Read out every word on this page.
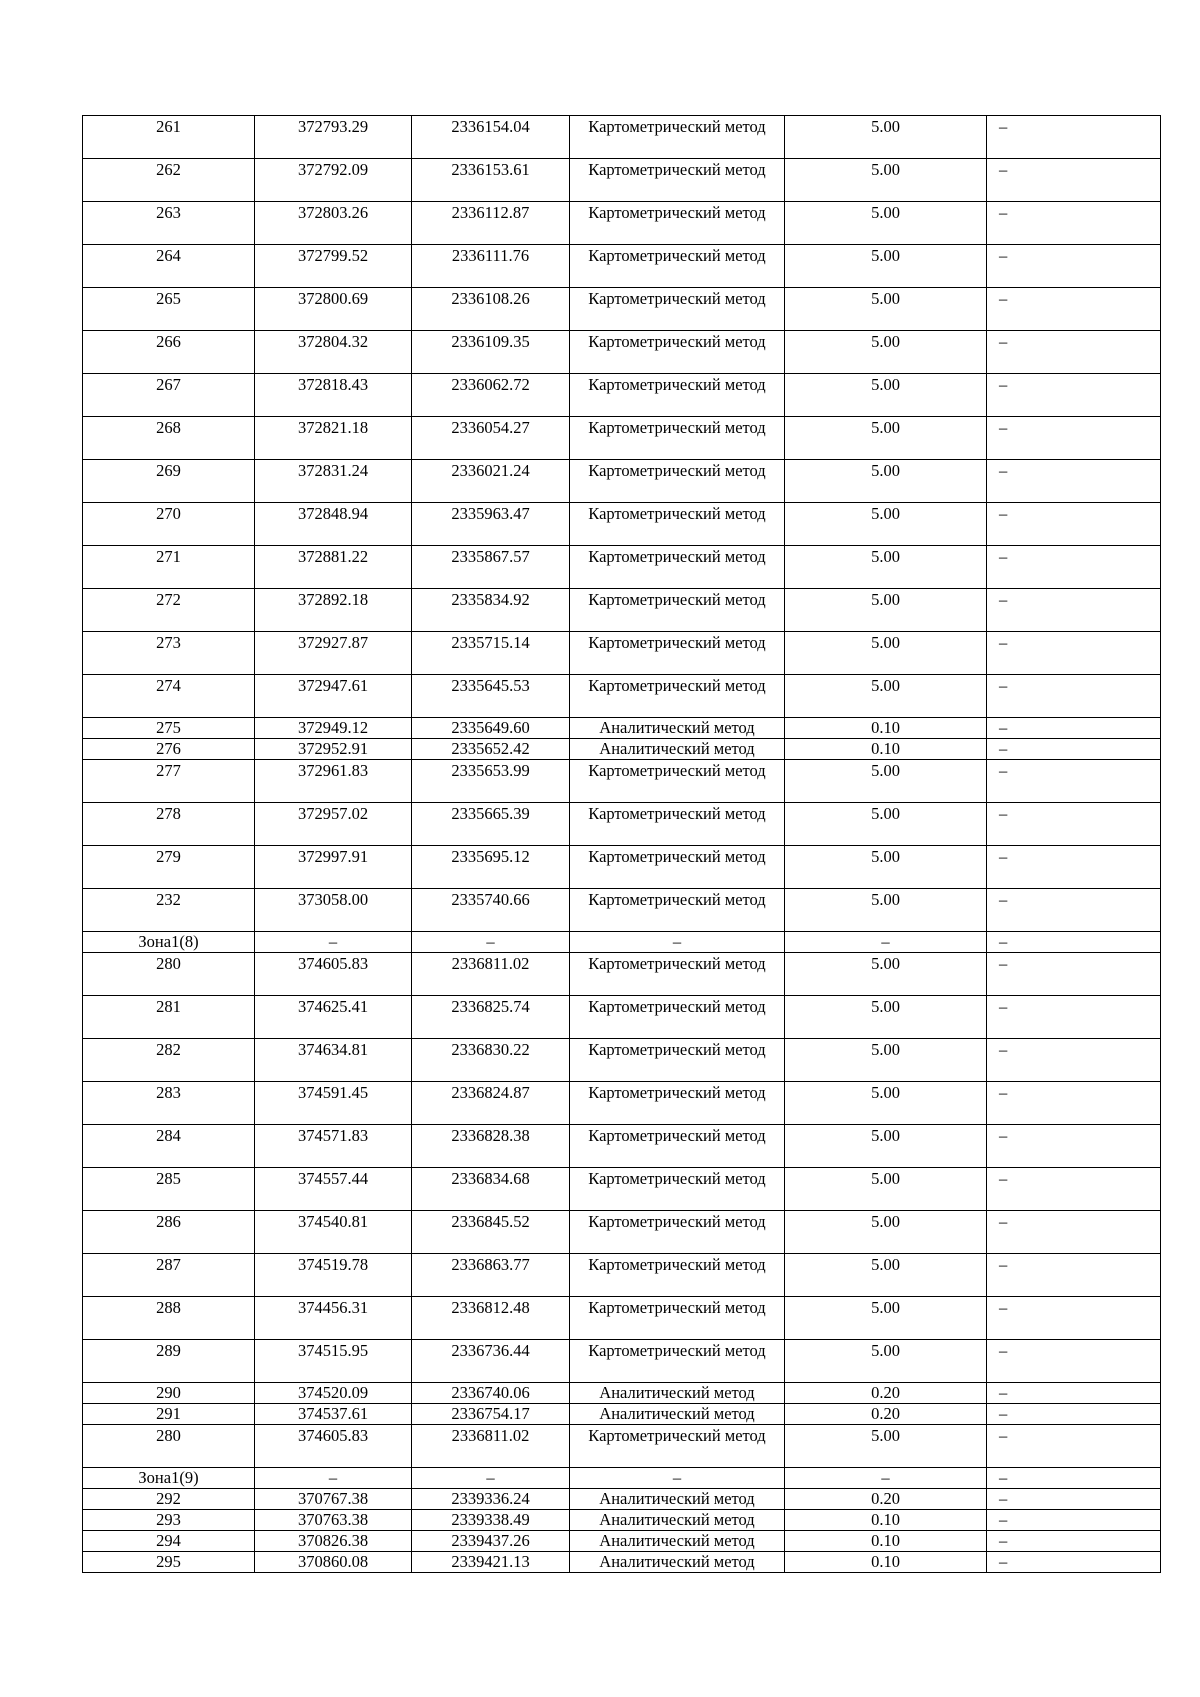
261	372793.29	2336154.04	Картометрический метод	5.00	–
262	372792.09	2336153.61	Картометрический метод	5.00	–
263	372803.26	2336112.87	Картометрический метод	5.00	–
264	372799.52	2336111.76	Картометрический метод	5.00	–
265	372800.69	2336108.26	Картометрический метод	5.00	–
266	372804.32	2336109.35	Картометрический метод	5.00	–
267	372818.43	2336062.72	Картометрический метод	5.00	–
268	372821.18	2336054.27	Картометрический метод	5.00	–
269	372831.24	2336021.24	Картометрический метод	5.00	–
270	372848.94	2335963.47	Картометрический метод	5.00	–
271	372881.22	2335867.57	Картометрический метод	5.00	–
272	372892.18	2335834.92	Картометрический метод	5.00	–
273	372927.87	2335715.14	Картометрический метод	5.00	–
274	372947.61	2335645.53	Картометрический метод	5.00	–
275	372949.12	2335649.60	Аналитический метод	0.10	–
276	372952.91	2335652.42	Аналитический метод	0.10	–
277	372961.83	2335653.99	Картометрический метод	5.00	–
278	372957.02	2335665.39	Картометрический метод	5.00	–
279	372997.91	2335695.12	Картометрический метод	5.00	–
232	373058.00	2335740.66	Картометрический метод	5.00	–
Зона1(8)	–	–	–	–	–
280	374605.83	2336811.02	Картометрический метод	5.00	–
281	374625.41	2336825.74	Картометрический метод	5.00	–
282	374634.81	2336830.22	Картометрический метод	5.00	–
283	374591.45	2336824.87	Картометрический метод	5.00	–
284	374571.83	2336828.38	Картометрический метод	5.00	–
285	374557.44	2336834.68	Картометрический метод	5.00	–
286	374540.81	2336845.52	Картометрический метод	5.00	–
287	374519.78	2336863.77	Картометрический метод	5.00	–
288	374456.31	2336812.48	Картометрический метод	5.00	–
289	374515.95	2336736.44	Картометрический метод	5.00	–
290	374520.09	2336740.06	Аналитический метод	0.20	–
291	374537.61	2336754.17	Аналитический метод	0.20	–
280	374605.83	2336811.02	Картометрический метод	5.00	–
Зона1(9)	–	–	–	–	–
292	370767.38	2339336.24	Аналитический метод	0.20	–
293	370763.38	2339338.49	Аналитический метод	0.10	–
294	370826.38	2339437.26	Аналитический метод	0.10	–
295	370860.08	2339421.13	Аналитический метод	0.10	–
